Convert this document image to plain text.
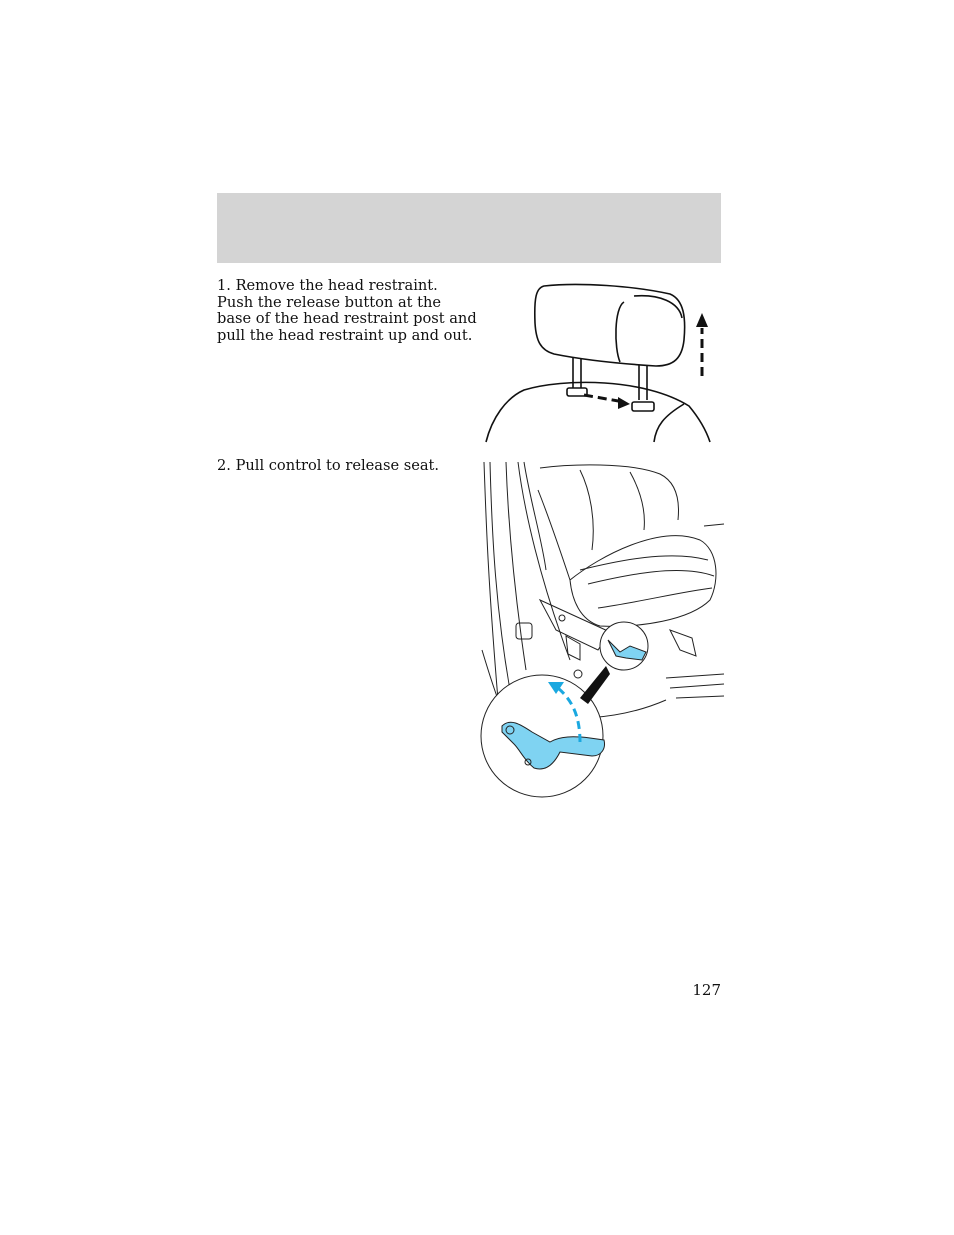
1. Remove the head restraint. Push the release button at the base of the head restraint post and pull the head restraint up and out.
2. Pull control to release seat.
127
